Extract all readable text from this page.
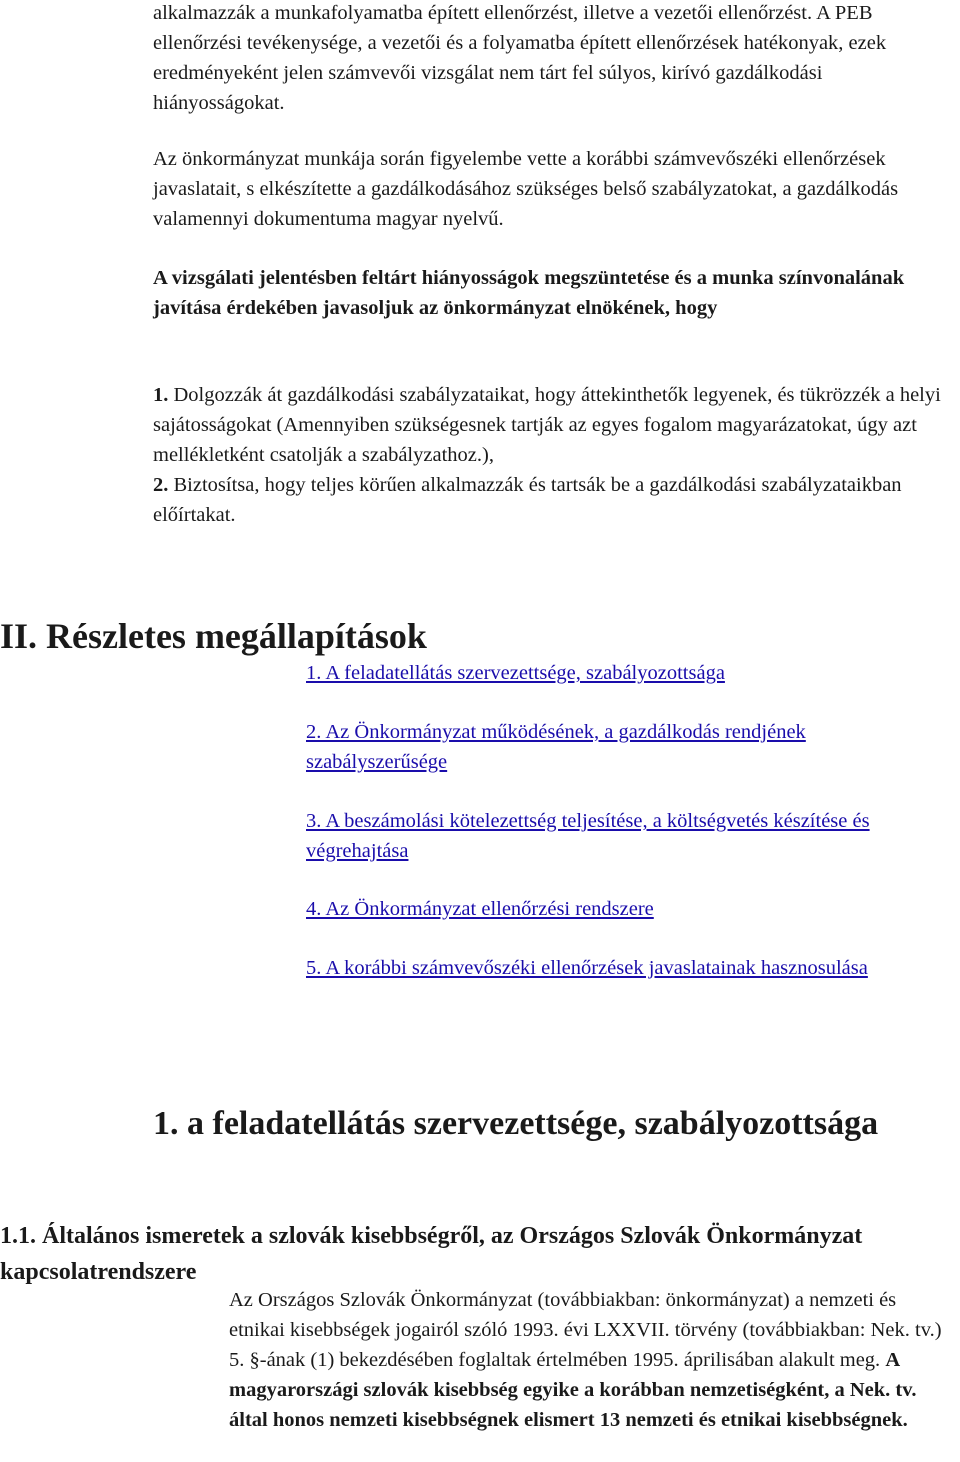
alkalmazzák a munkafolyamatba épített ellenőrzést, illetve a vezetői ellenőrzést. A PEB ellenőrzési tevékenysége, a vezetői és a folyamatba épített ellenőrzések hatékonyak, ezek eredményeként jelen számvevői vizsgálat nem tárt fel súlyos, kirívó gazdálkodási hiányosságokat.
Az önkormányzat munkája során figyelembe vette a korábbi számvevőszéki ellenőrzések javaslatait, s elkészítette a gazdálkodásához szükséges belső szabályzatokat, a gazdálkodás valamennyi dokumentuma magyar nyelvű.
A vizsgálati jelentésben feltárt hiányosságok megszüntetése és a munka színvonalának javítása érdekében javasoljuk az önkormányzat elnökének, hogy
1. Dolgozzák át gazdálkodási szabályzataikat, hogy áttekinthetők legyenek, és tükrözzék a helyi sajátosságokat (Amennyiben szükségesnek tartják az egyes fogalom magyarázatokat, úgy azt mellékletként csatolják a szabályzathoz.),
2. Biztosítsa, hogy teljes körűen alkalmazzák és tartsák be a gazdálkodási szabályzataikban előírtakat.
II. Részletes megállapítások
1. A feladatellátás szervezettsége, szabályozottsága
2. Az Önkormányzat működésének, a gazdálkodás rendjének szabályszerűsége
3. A beszámolási kötelezettség teljesítése, a költségvetés készítése és végrehajtása
4. Az Önkormányzat ellenőrzési rendszere
5. A korábbi számvevőszéki ellenőrzések javaslatainak hasznosulása
1. a feladatellátás szervezettsége, szabályozottsága
1.1. Általános ismeretek a szlovák kisebbségről, az Országos Szlovák Önkormányzat kapcsolatrendszere
Az Országos Szlovák Önkormányzat (továbbiakban: önkormányzat) a nemzeti és etnikai kisebbségek jogairól szóló 1993. évi LXXVII. törvény (továbbiakban: Nek. tv.) 5. §-ának (1) bekezdésében foglaltak értelmében 1995. áprilisában alakult meg. A magyarországi szlovák kisebbség egyike a korábban nemzetiségként, a Nek. tv. által honos nemzeti kisebbségnek elismert 13 nemzeti és etnikai kisebbségnek.
